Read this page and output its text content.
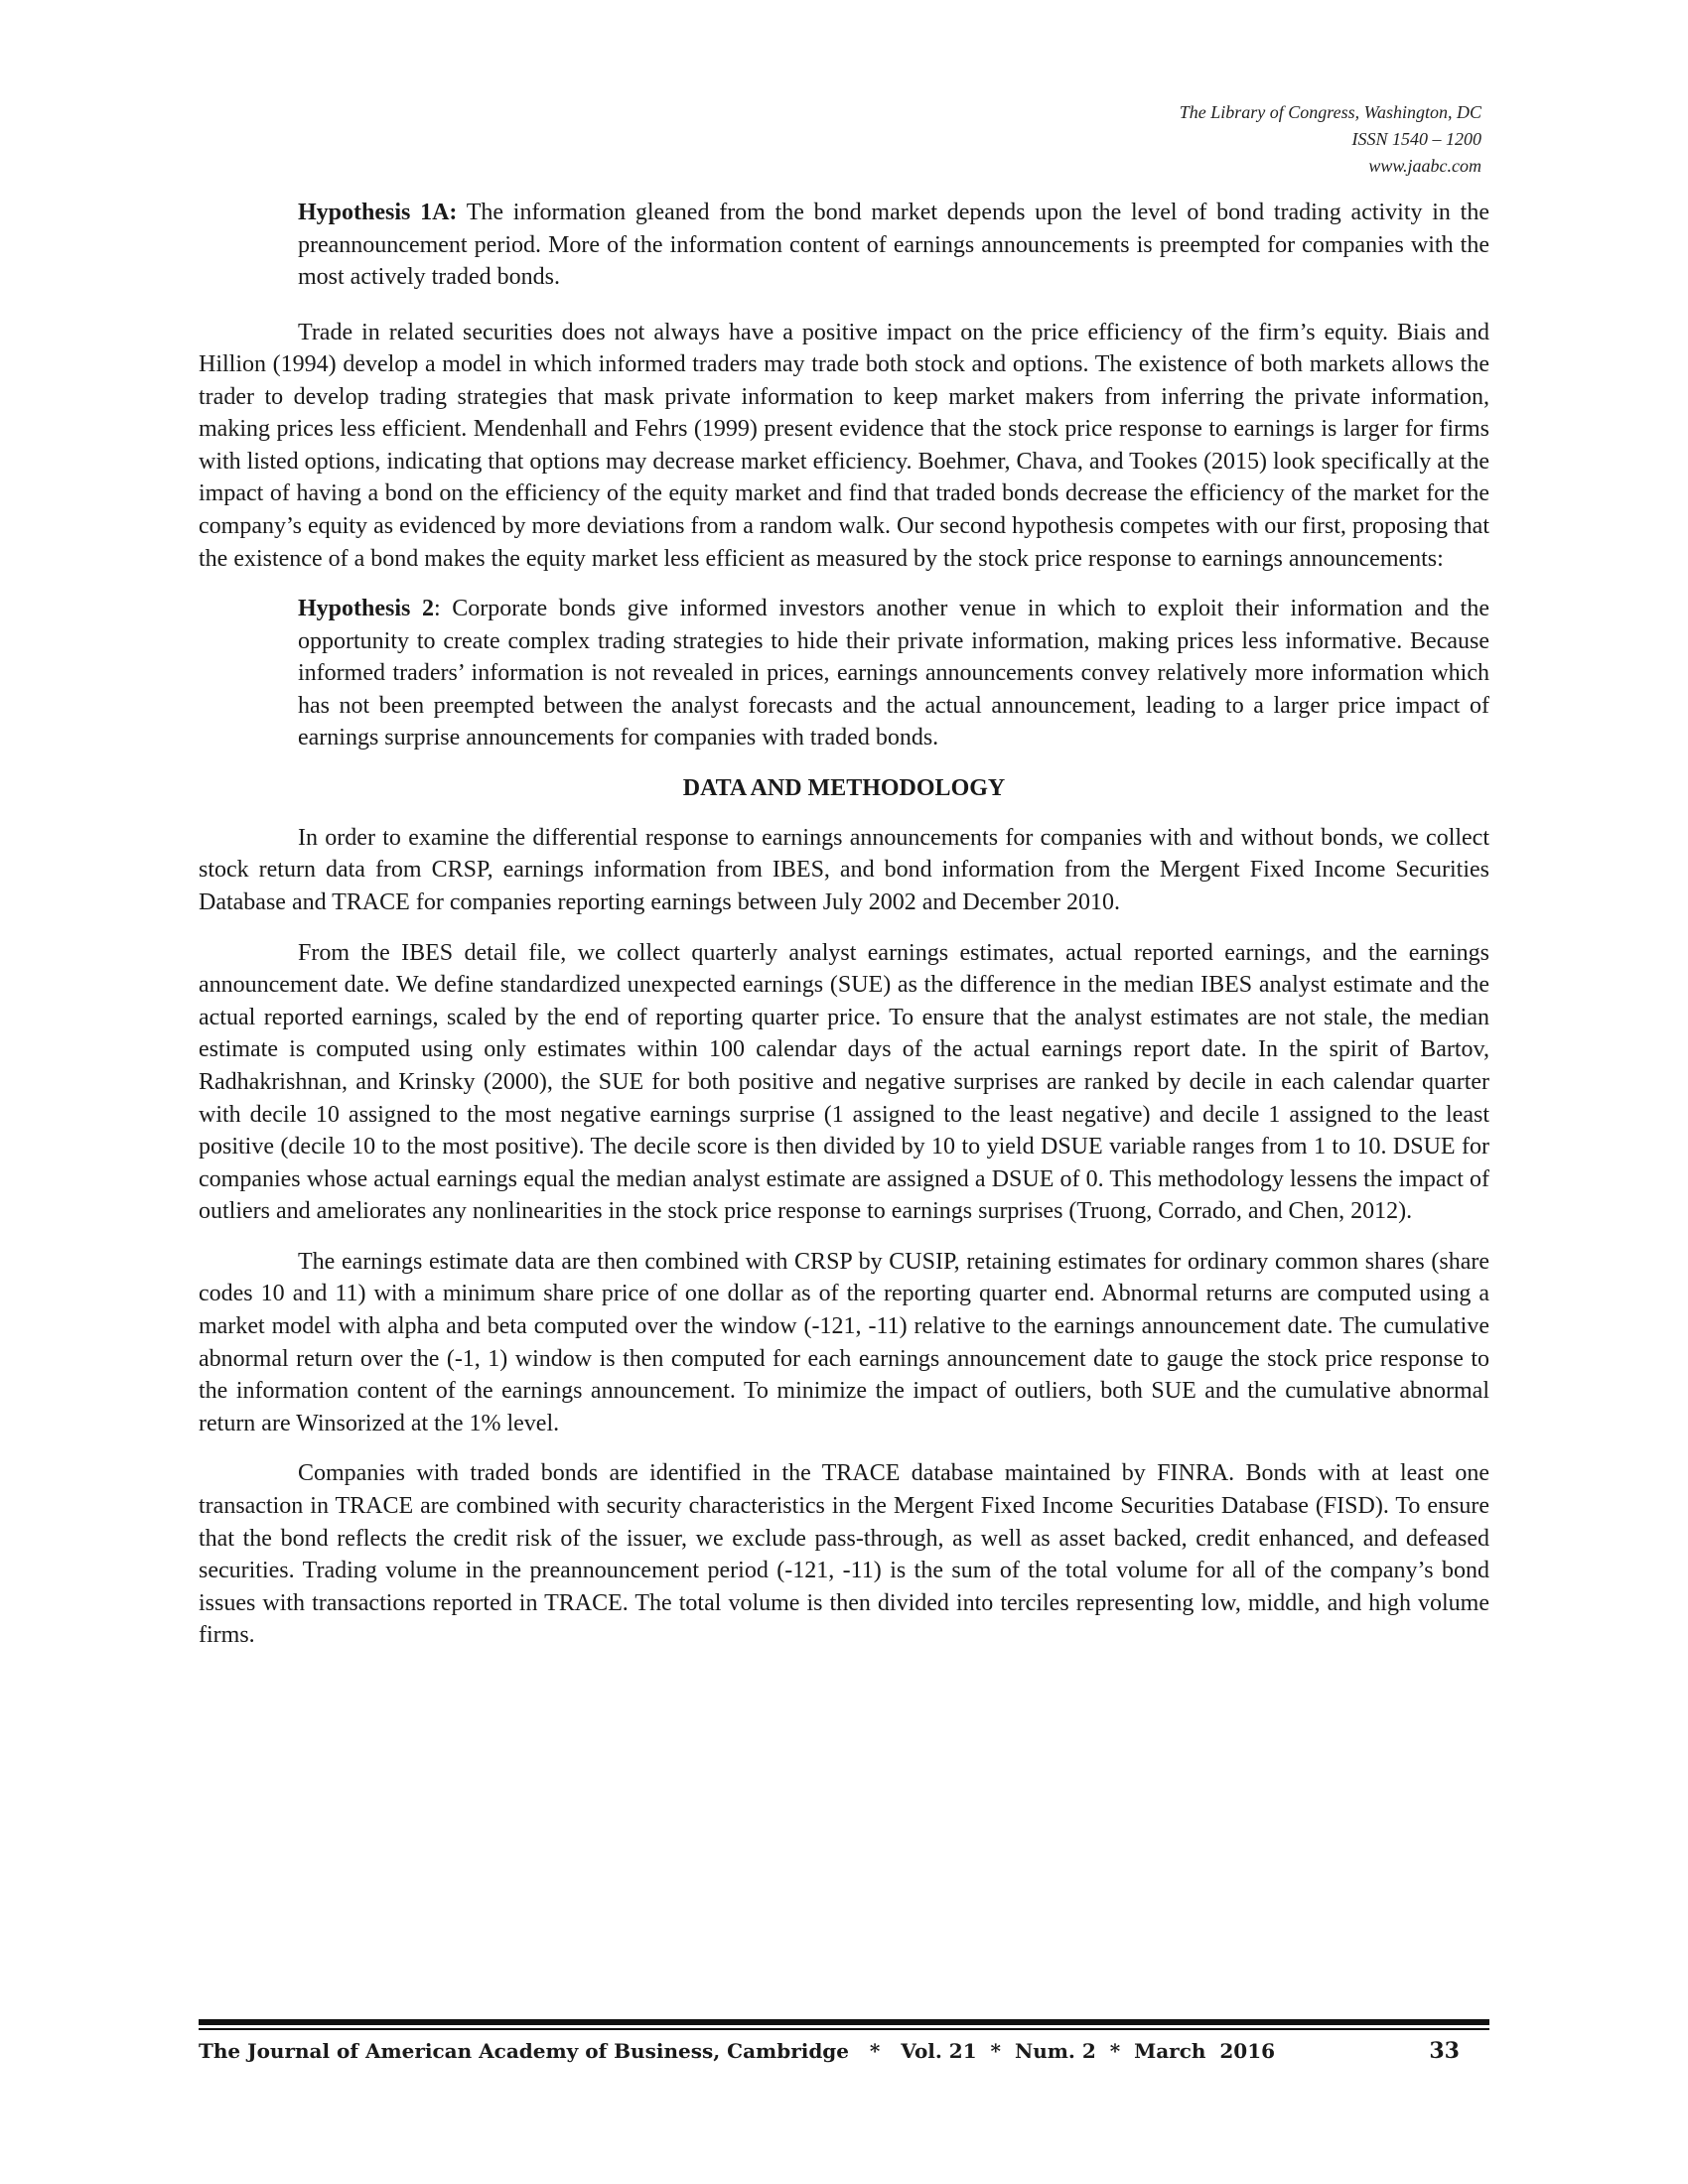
The Library of Congress, Washington, DC
ISSN 1540 – 1200
www.jaabc.com

Hypothesis 1A: The information gleaned from the bond market depends upon the level of bond trading activity in the preannouncement period. More of the information content of earnings announcements is preempted for companies with the most actively traded bonds.

Trade in related securities does not always have a positive impact on the price efficiency of the firm’s equity. Biais and Hillion (1994) develop a model in which informed traders may trade both stock and options. The existence of both markets allows the trader to develop trading strategies that mask private information to keep market makers from inferring the private information, making prices less efficient. Mendenhall and Fehrs (1999) present evidence that the stock price response to earnings is larger for firms with listed options, indicating that options may decrease market efficiency. Boehmer, Chava, and Tookes (2015) look specifically at the impact of having a bond on the efficiency of the equity market and find that traded bonds decrease the efficiency of the market for the company’s equity as evidenced by more deviations from a random walk. Our second hypothesis competes with our first, proposing that the existence of a bond makes the equity market less efficient as measured by the stock price response to earnings announcements:

Hypothesis 2: Corporate bonds give informed investors another venue in which to exploit their information and the opportunity to create complex trading strategies to hide their private information, making prices less informative. Because informed traders’ information is not revealed in prices, earnings announcements convey relatively more information which has not been preempted between the analyst forecasts and the actual announcement, leading to a larger price impact of earnings surprise announcements for companies with traded bonds.

DATA AND METHODOLOGY

In order to examine the differential response to earnings announcements for companies with and without bonds, we collect stock return data from CRSP, earnings information from IBES, and bond information from the Mergent Fixed Income Securities Database and TRACE for companies reporting earnings between July 2002 and December 2010.

From the IBES detail file, we collect quarterly analyst earnings estimates, actual reported earnings, and the earnings announcement date. We define standardized unexpected earnings (SUE) as the difference in the median IBES analyst estimate and the actual reported earnings, scaled by the end of reporting quarter price. To ensure that the analyst estimates are not stale, the median estimate is computed using only estimates within 100 calendar days of the actual earnings report date. In the spirit of Bartov, Radhakrishnan, and Krinsky (2000), the SUE for both positive and negative surprises are ranked by decile in each calendar quarter with decile 10 assigned to the most negative earnings surprise (1 assigned to the least negative) and decile 1 assigned to the least positive (decile 10 to the most positive). The decile score is then divided by 10 to yield DSUE variable ranges from 1 to 10. DSUE for companies whose actual earnings equal the median analyst estimate are assigned a DSUE of 0. This methodology lessens the impact of outliers and ameliorates any nonlinearities in the stock price response to earnings surprises (Truong, Corrado, and Chen, 2012).

The earnings estimate data are then combined with CRSP by CUSIP, retaining estimates for ordinary common shares (share codes 10 and 11) with a minimum share price of one dollar as of the reporting quarter end. Abnormal returns are computed using a market model with alpha and beta computed over the window (-121, -11) relative to the earnings announcement date. The cumulative abnormal return over the (-1, 1) window is then computed for each earnings announcement date to gauge the stock price response to the information content of the earnings announcement. To minimize the impact of outliers, both SUE and the cumulative abnormal return are Winsorized at the 1% level.

Companies with traded bonds are identified in the TRACE database maintained by FINRA. Bonds with at least one transaction in TRACE are combined with security characteristics in the Mergent Fixed Income Securities Database (FISD). To ensure that the bond reflects the credit risk of the issuer, we exclude pass-through, as well as asset backed, credit enhanced, and defeased securities. Trading volume in the preannouncement period (-121, -11) is the sum of the total volume for all of the company’s bond issues with transactions reported in TRACE. The total volume is then divided into terciles representing low, middle, and high volume firms.

The Journal of American Academy of Business, Cambridge   *   Vol. 21  *  Num. 2  *  March  2016	33
